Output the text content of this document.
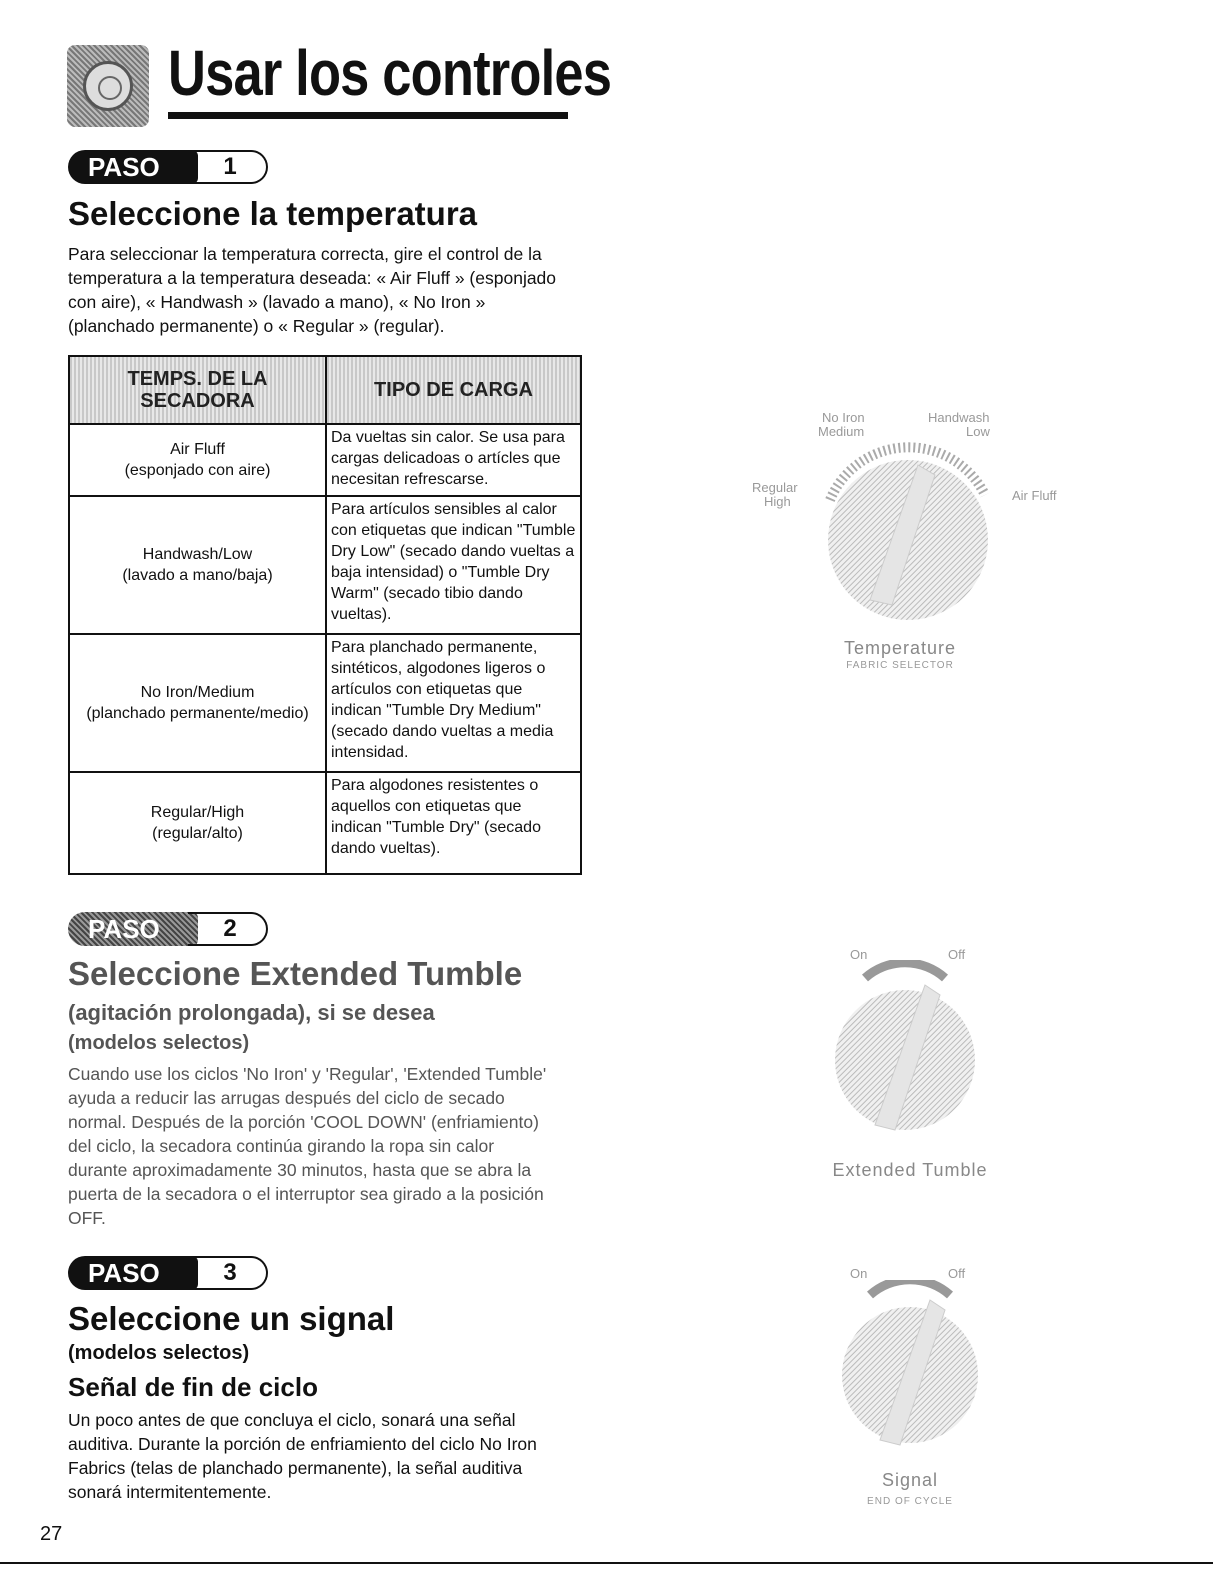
Usar los controles
PASO	1
Seleccione la temperatura

Para seleccionar la temperatura correcta, gire el control de la temperatura a la temperatura deseada: « Air Fluff » (esponjado con aire), « Handwash » (lavado a mano), « No Iron » (planchado permanente) o « Regular » (regular).

TEMPS. DE LA SECADORA	TIPO DE CARGA
Air Fluff
(esponjado con aire)	Da vueltas sin calor. Se usa para cargas delicadoas o artícles que necesitan refrescarse.
Handwash/Low
(lavado a mano/baja)	Para artículos sensibles al calor con etiquetas que indican "Tumble Dry Low" (secado dando vueltas a baja intensidad) o "Tumble Dry Warm" (secado tibio dando vueltas).
No Iron/Medium
(planchado permanente/medio)	Para planchado permanente, sintéticos, algodones ligeros o artículos con etiquetas que indican "Tumble Dry Medium" (secado dando vueltas a media intensidad.
Regular/High
(regular/alto)	Para algodones resistentes o aquellos con etiquetas que indican "Tumble Dry" (secado dando vueltas).
No Iron
Medium
Handwash
Low
Regular
High	Air Fluff
Temperature
FABRIC SELECTOR
PASO	2
Seleccione Extended Tumble
(agitación prolongada), si se desea
(modelos selectos)

Cuando use los ciclos 'No Iron' y 'Regular', 'Extended Tumble' ayuda a reducir las arrugas después del ciclo de secado normal. Después de la porción 'COOL DOWN' (enfriamiento) del ciclo, la secadora continúa girando la ropa sin calor durante aproximadamente 30 minutos, hasta que se abra la puerta de la secadora o el interruptor sea girado a la posición OFF.

On	Off
Extended Tumble
PASO	3
Seleccione un signal
(modelos selectos)
Señal de fin de ciclo

Un poco antes de que concluya el ciclo, sonará una señal auditiva. Durante la porción de enfriamiento del ciclo No Iron Fabrics (telas de planchado permanente), la señal auditiva sonará intermitentemente.

On	Off
Signal
END OF CYCLE
27
